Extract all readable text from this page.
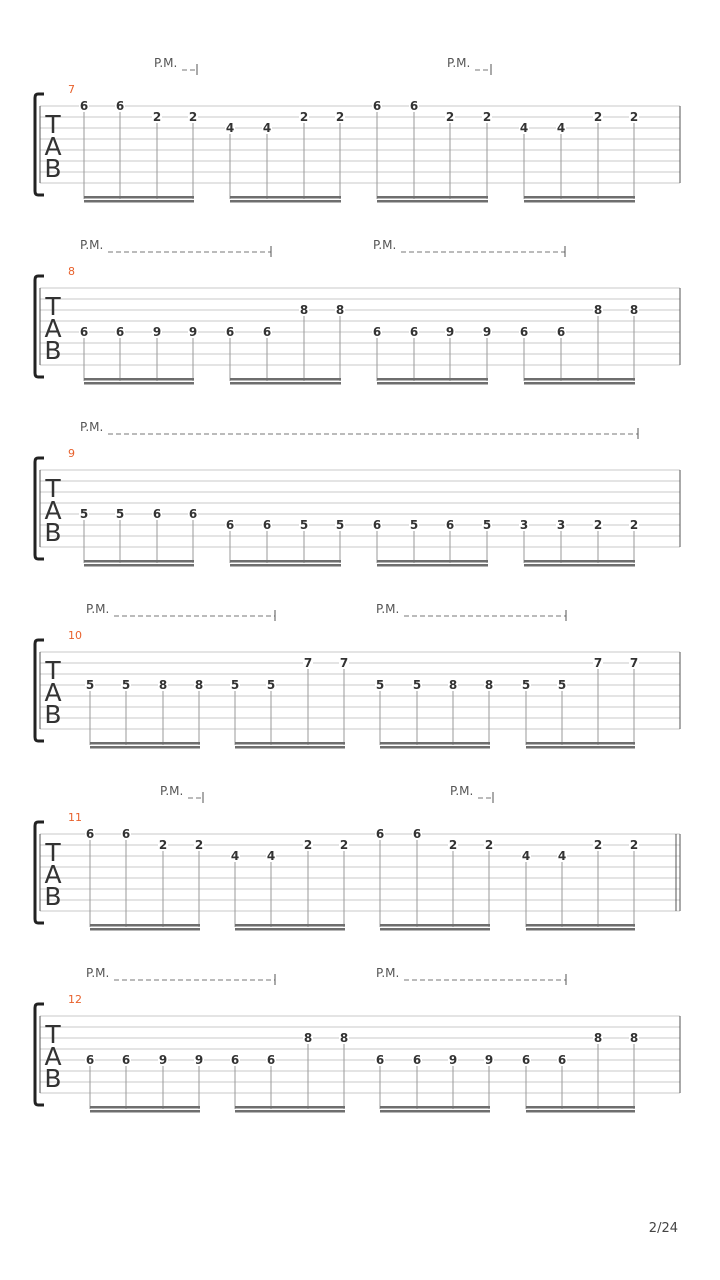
T
A
B
7
P.M.	P.M.
6 6
2 2
4 4
2 2
6 6
2 2
4 4
2 2
T
A
B
8
P.M.	P.M.
6 6 9 9 6 6
8 8
6 6 9 9 6 6
8 8
T
A
B
9
P.M.
5 5 6 6
6 6 5 5 6 5 6 5 3 3 2 2
T
A
B
10
P.M.	P.M.
5 5 8 8 5 5
7 7
5 5 8 8 5 5
7 7
T
A
B
11
P.M.	P.M.
6 6
2 2
4 4
2 2
6 6
2 2
4 4
2 2
T
A
B
12
P.M.	P.M.
6 6 9 9 6 6
8 8
6 6 9 9 6 6
8 8
2/24
